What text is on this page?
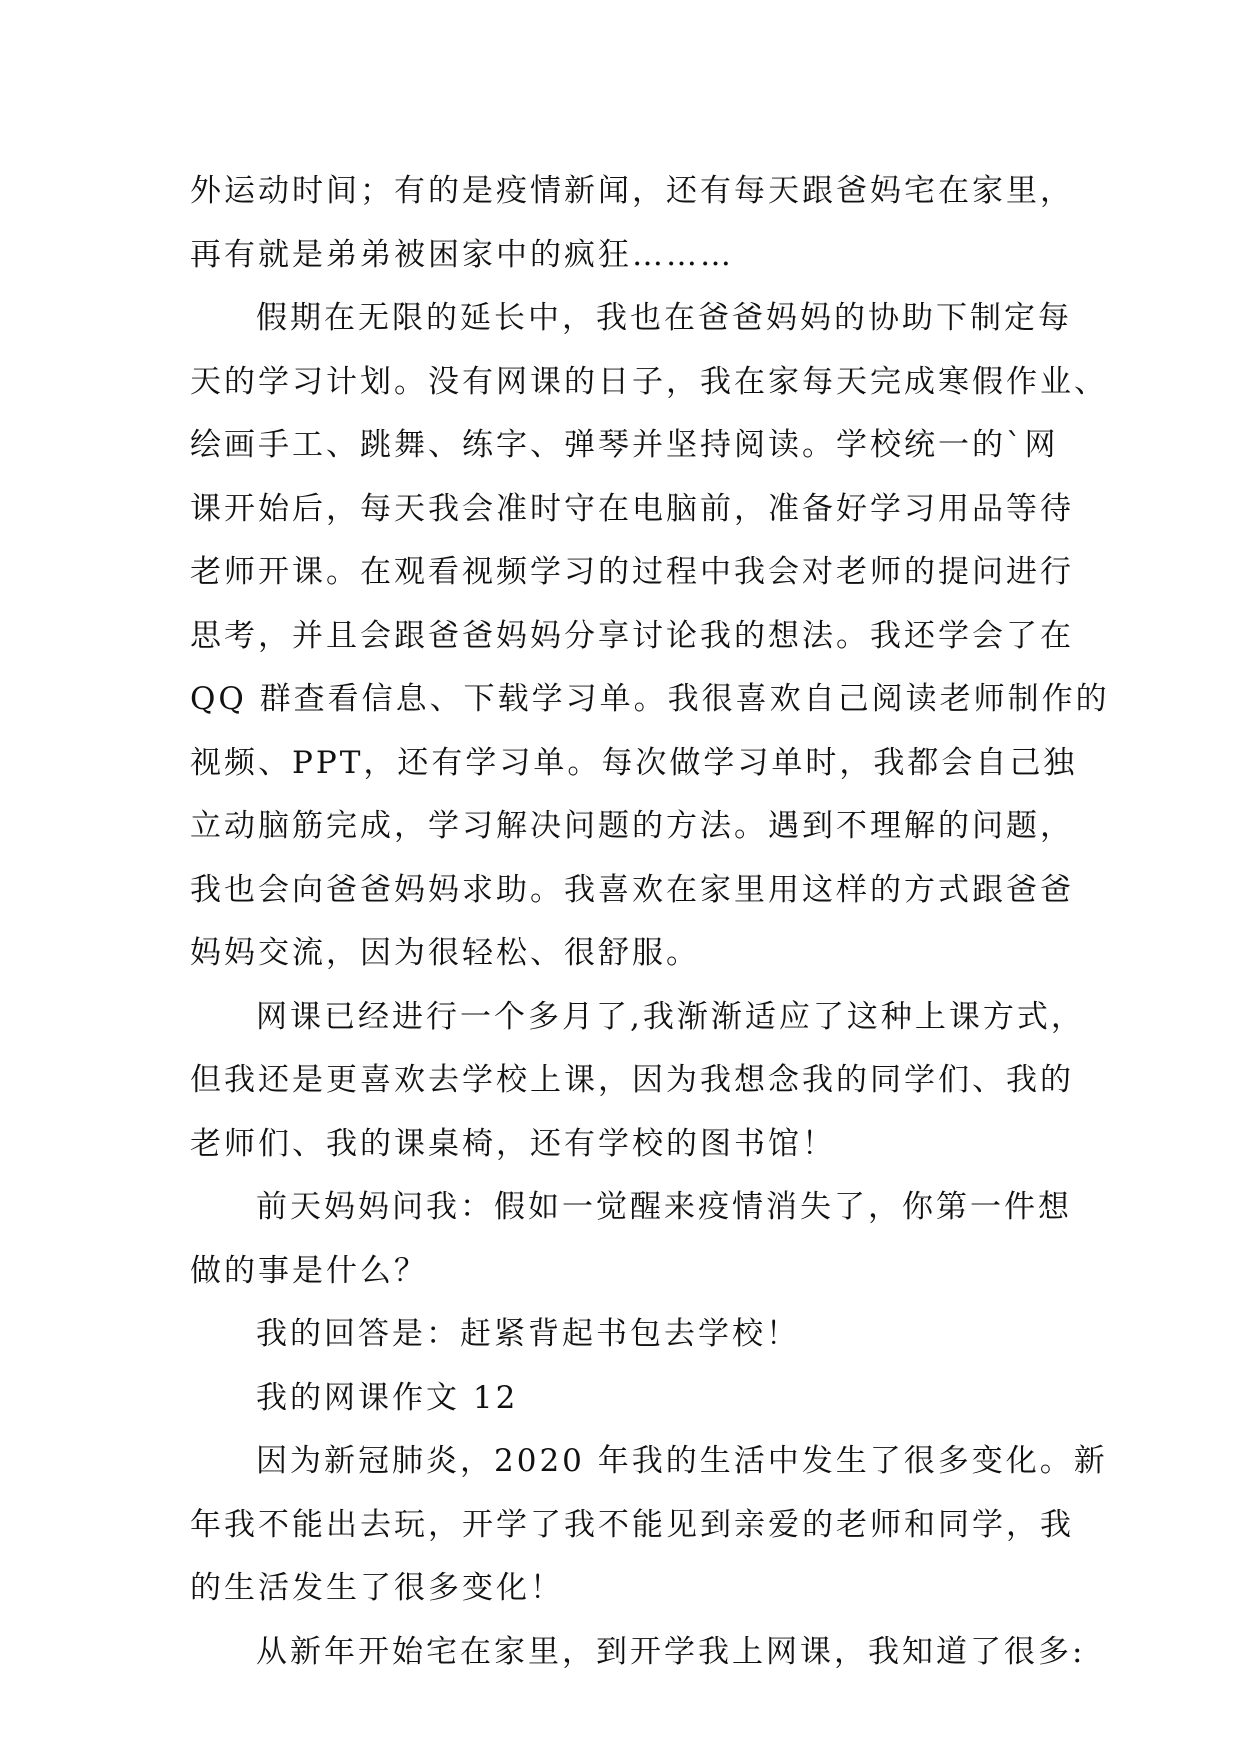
外运动时间；有的是疫情新闻，还有每天跟爸妈宅在家里，
再有就是弟弟被困家中的疯狂………
假期在无限的延长中，我也在爸爸妈妈的协助下制定每
天的学习计划。没有网课的日子，我在家每天完成寒假作业、
绘画手工、跳舞、练字、弹琴并坚持阅读。学校统一的`网
课开始后，每天我会准时守在电脑前，准备好学习用品等待
老师开课。在观看视频学习的过程中我会对老师的提问进行
思考，并且会跟爸爸妈妈分享讨论我的想法。我还学会了在
QQ 群查看信息、下载学习单。我很喜欢自己阅读老师制作的
视频、PPT，还有学习单。每次做学习单时，我都会自己独
立动脑筋完成，学习解决问题的方法。遇到不理解的问题，
我也会向爸爸妈妈求助。我喜欢在家里用这样的方式跟爸爸
妈妈交流，因为很轻松、很舒服。
网课已经进行一个多月了,我渐渐适应了这种上课方式，
但我还是更喜欢去学校上课，因为我想念我的同学们、我的
老师们、我的课桌椅，还有学校的图书馆！
前天妈妈问我：假如一觉醒来疫情消失了，你第一件想
做的事是什么？
我的回答是：赶紧背起书包去学校！
我的网课作文 12
因为新冠肺炎，2020 年我的生活中发生了很多变化。新
年我不能出去玩，开学了我不能见到亲爱的老师和同学，我
的生活发生了很多变化！
从新年开始宅在家里，到开学我上网课，我知道了很多:
